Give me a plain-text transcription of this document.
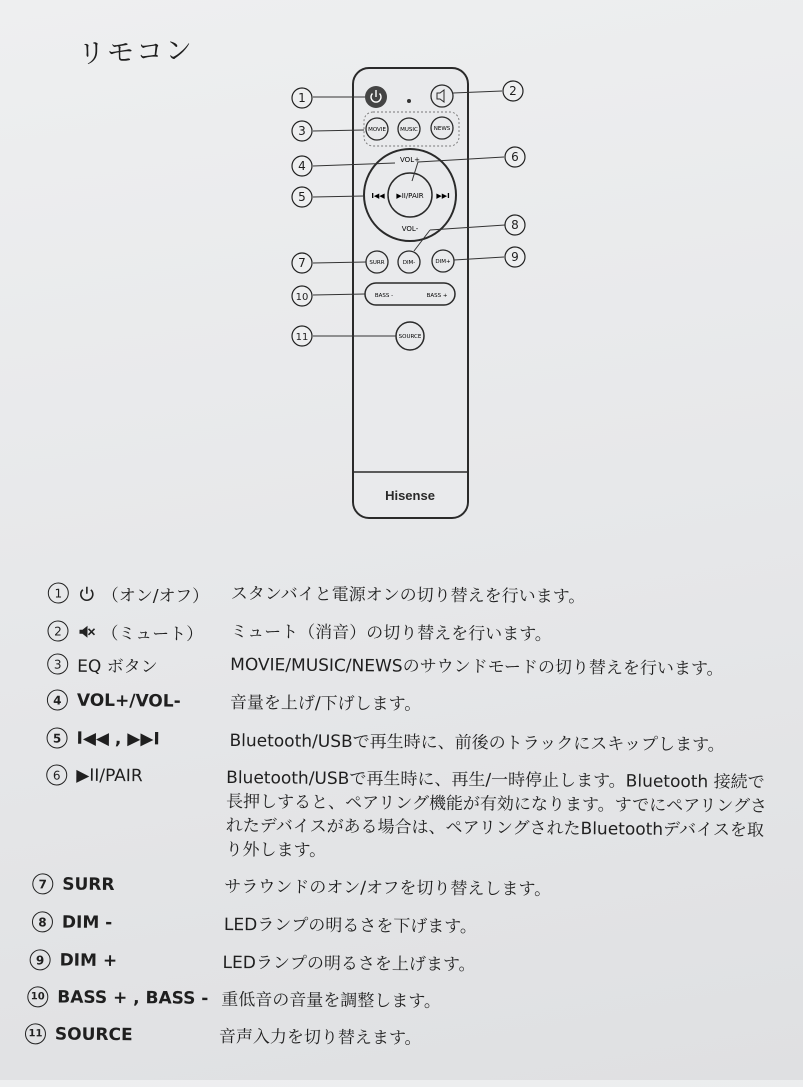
リモコン
Hisense
MOVIE	MUSIC	NEWS
VOL+
VOL-
▶II/PAIR
I◀◀	▶▶I
SURR	DIM-	DIM+
BASS -	BASS +
SOURCE
1	2
3
4
5
6
7
8
9
10
11
1	（オン/オフ） スタンバイと電源オンの切り替えを行います。
2	（ミュート） ミュート（消音）の切り替えを行います。
3 EQ ボタン	MOVIE/MUSIC/NEWSのサウンドモードの切り替えを行います。
4 VOL+/VOL-	音量を上げ/下げします。
5 I◀◀ , ▶▶I	Bluetooth/USBで再生時に、前後のトラックにスキップします。
6 ▶II/PAIR	Bluetooth/USBで再生時に、再生/一時停止します。Bluetooth 接続で長押しすると、ペアリング機能が有効になります。すでにペアリングされたデバイスがある場合は、ペアリングされたBluetoothデバイスを取り外します。
7 SURR	サラウンドのオン/オフを切り替えします。
8 DIM -	LEDランプの明るさを下げます。
9 DIM +	LEDランプの明るさを上げます。
10 BASS + , BASS - 重低音の音量を調整します。
11 SOURCE	音声入力を切り替えます。
